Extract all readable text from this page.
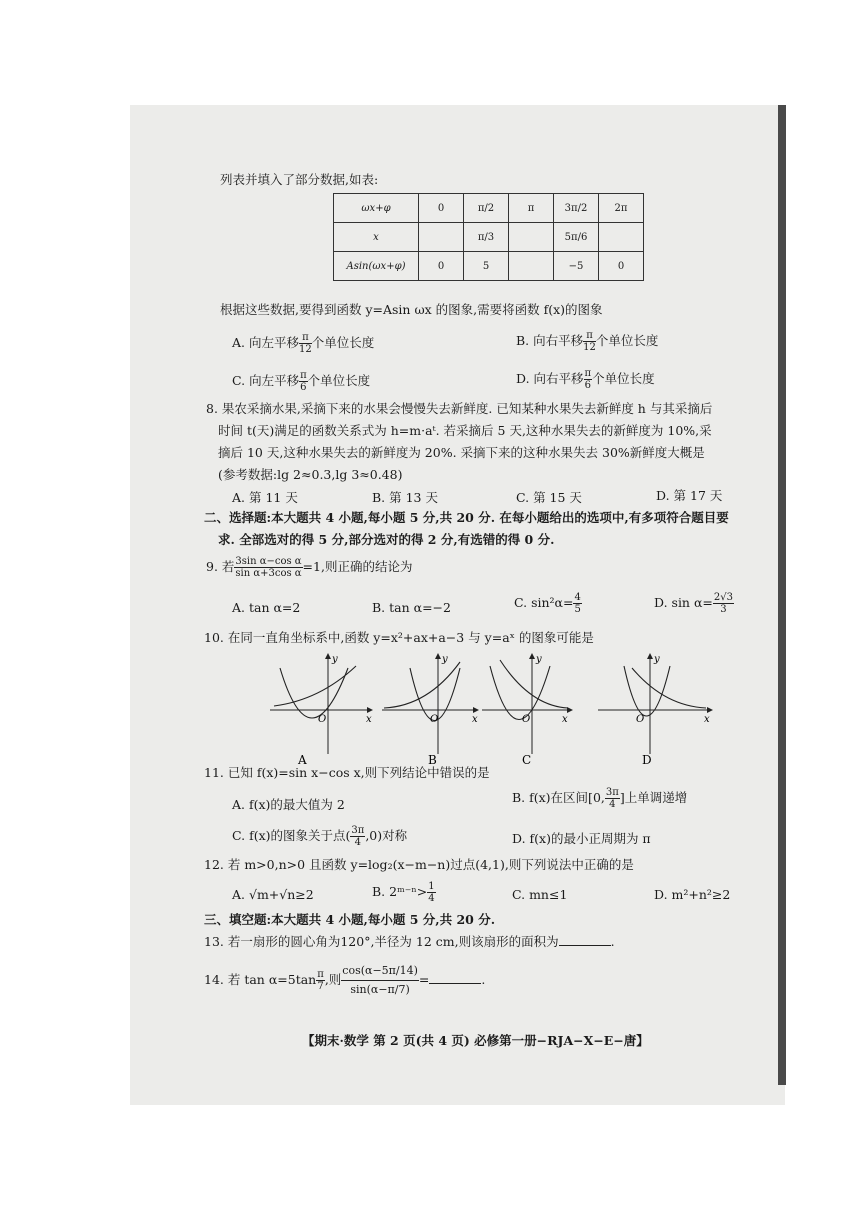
列表并填入了部分数据,如表:
ωx+φ	0	π/2	π	3π/2	2π
x		π/3		5π/6	
Asin(ωx+φ)	0	5		−5	0
根据这些数据,要得到函数 y=Asin ωx 的图象,需要将函数 f(x)的图象
A. 向左平移 $\frac{\pi}{12}$ 个单位长度	B. 向右平移 $\frac{\pi}{12}$ 个单位长度
C. 向左平移 $\frac{\pi}{6}$ 个单位长度	D. 向右平移 $\frac{\pi}{6}$ 个单位长度
8. 果农采摘水果,采摘下来的水果会慢慢失去新鲜度. 已知某种水果失去新鲜度 h 与其采摘后
时间 t(天)满足的函数关系式为 h=m·aᵗ. 若采摘后 5 天,这种水果失去的新鲜度为 10%,采
摘后 10 天,这种水果失去的新鲜度为 20%. 采摘下来的这种水果失去 30%新鲜度大概是
(参考数据:lg 2≈0.3,lg 3≈0.48)
A. 第 11 天	B. 第 13 天	C. 第 15 天	D. 第 17 天
二、选择题:本大题共 4 小题,每小题 5 分,共 20 分. 在每小题给出的选项中,有多项符合题目要
求. 全部选对的得 5 分,部分选对的得 2 分,有选错的得 0 分.
9. 若 $\frac{\text{3sin α−cos α}}{\text{sin α+3cos α}} =1$,则正确的结论为
A. tan α=2	B. tan α=−2	C. $\sin^2\alpha= \frac{4}{5}$	D. $\sin \alpha= \frac{2√3}{3}$
10. 在同一直角坐标系中,函数 y=x²+ax+a−3 与 y=aˣ 的图象可能是
O	x
y
A
O	x
y
B
O	x
y
C
O	x
y
D
11. 已知 f(x)=sin x−cos x,则下列结论中错误的是
A. f(x)的最大值为 2	B. f(x)在区间[0, $\frac{3\pi}{4}$ ]上单调递增
C. f(x)的图象关于点( $\frac{3\pi}{4} ,0$)对称	D. f(x)的最小正周期为 π
12. 若 m>0,n>0 且函数 y=log₂(x−m−n)过点(4,1),则下列说法中正确的是
A. √m+√n≥2	B. 2ᵐ⁻ⁿ> $\frac{1}{4}$	C. mn≤1	D. m²+n²≥2
三、填空题:本大题共 4 小题,每小题 5 分,共 20 分.
13. 若一扇形的圆心角为120°,半径为 12 cm,则该扇形的面积为	.
14. 若 $\tan \alpha=5\tan \frac{\pi}{7}$ ,则 $\frac{\cos(\alpha-5\pi/14)}{\sin(\alpha-\pi/7)}$ =	.
【期末·数学 第 2 页(共 4 页) 必修第一册−RJA−X−E−唐】
